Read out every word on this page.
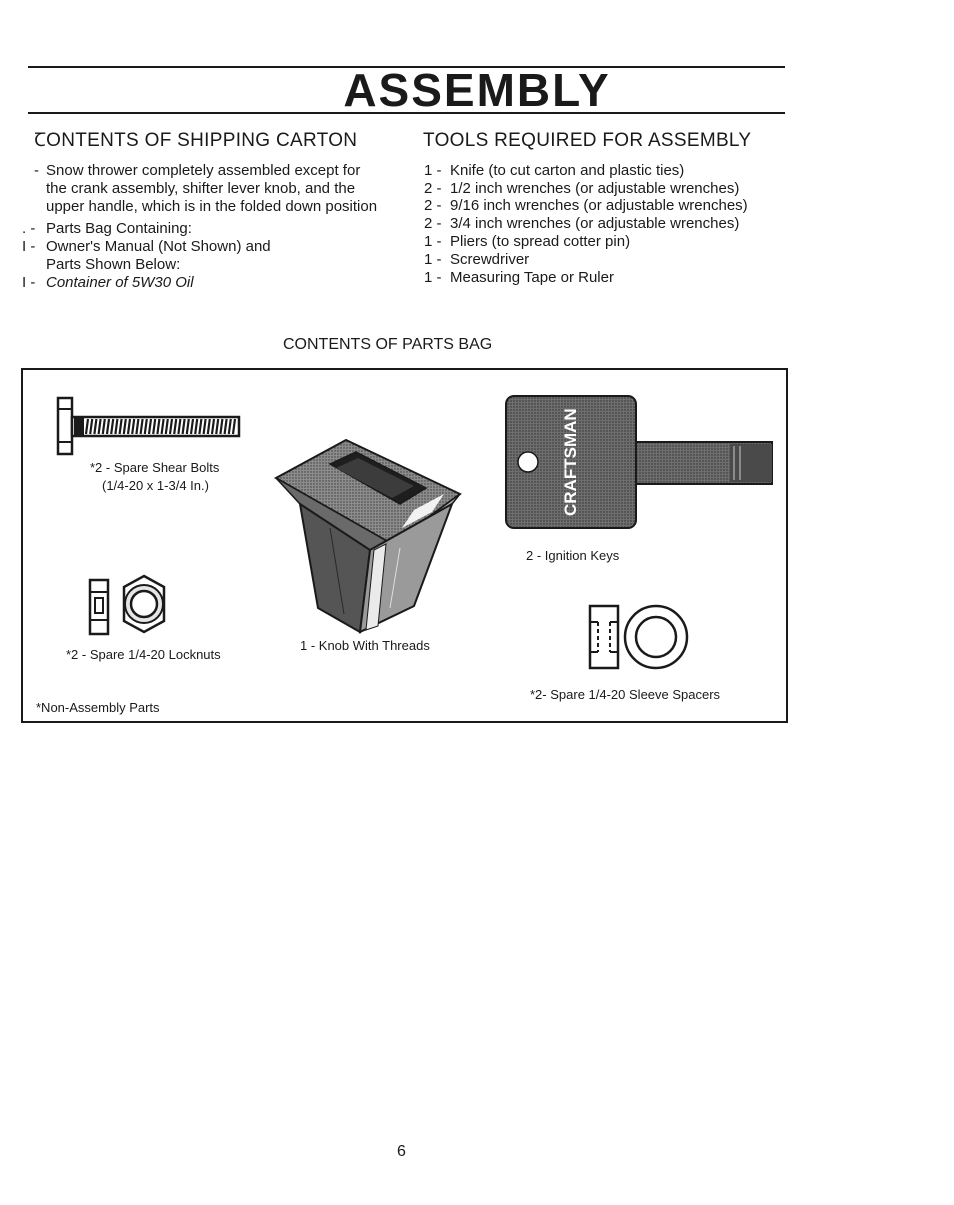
ASSEMBLY
ꞆONTENTS OF SHIPPING CARTON
- Snow thrower completely assembled except for
the crank assembly, shifter lever knob, and the
upper handle, which is in the folded down position
. - Parts Bag Containing:
I - Owner's Manual (Not Shown) and
Parts Shown Below:
I - Container of 5W30 Oil
TOOLS REQUIRED FOR ASSEMBLY
1 - Knife (to cut carton and plastic ties)
2 - 1/2 inch wrenches (or adjustable wrenches)
2 - 9/16 inch wrenches (or adjustable wrenches)
2 - 3/4 inch wrenches (or adjustable wrenches)
1 - Pliers (to spread cotter pin)
1 - Screwdriver
1 - Measuring Tape or Ruler
CONTENTS OF PARTS BAG
*2 - Spare Shear Bolts
(1/4-20 x 1-3/4 In.)
*2 - Spare 1/4-20 Locknuts
1 - Knob With Threads
CRAFTSMAN
2 - Ignition Keys
*2- Spare 1/4-20 Sleeve Spacers
*Non-Assembly Parts
6
